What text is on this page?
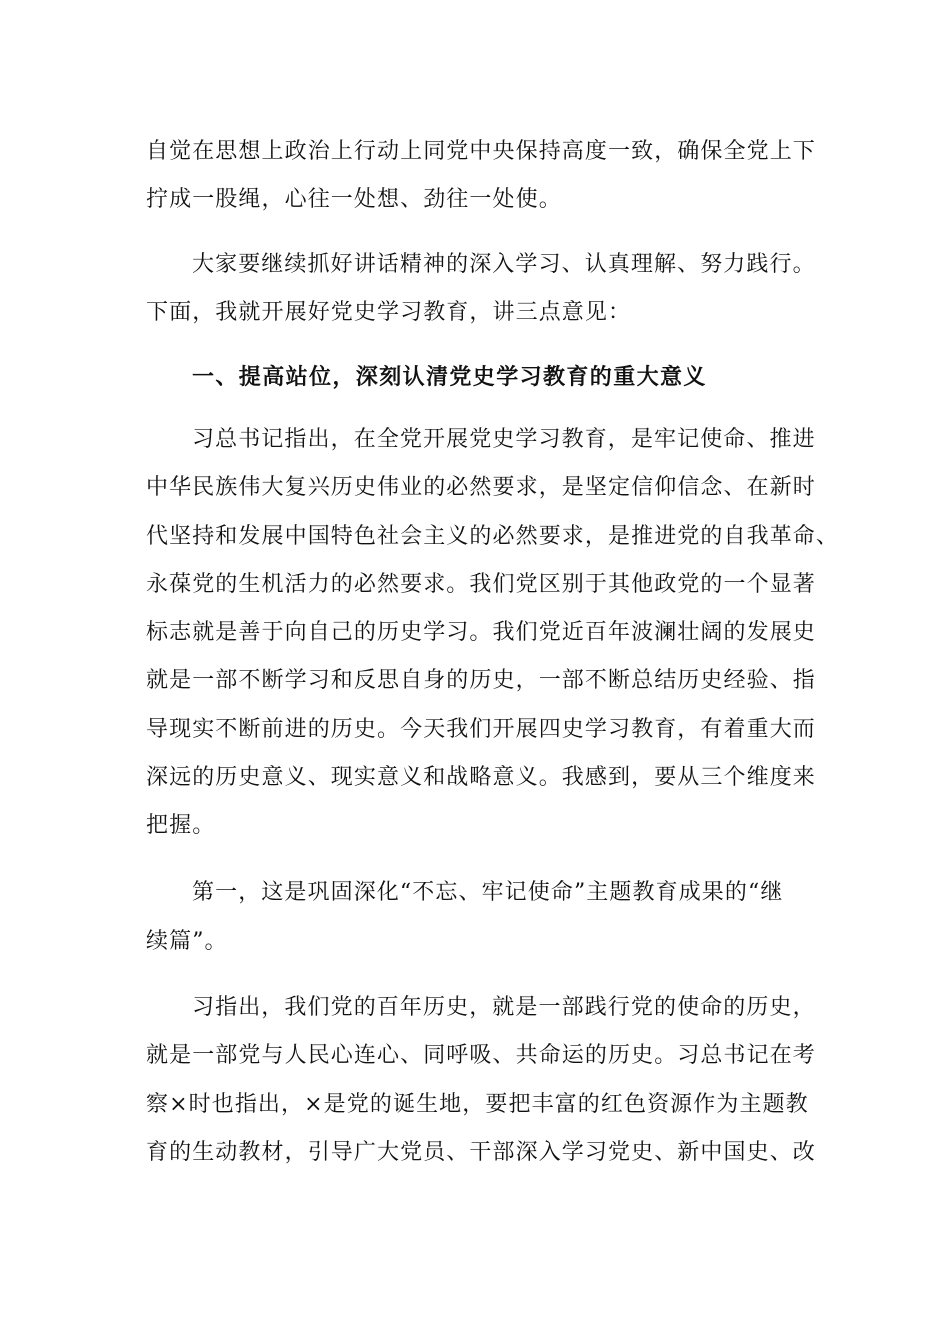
自觉在思想上政治上行动上同党中央保持高度一致，确保全党上下
拧成一股绳，心往一处想、劲往一处使。
大家要继续抓好讲话精神的深入学习、认真理解、努力践行。
下面，我就开展好党史学习教育，讲三点意见：
一、提高站位，深刻认清党史学习教育的重大意义
习总书记指出，在全党开展党史学习教育，是牢记使命、推进
中华民族伟大复兴历史伟业的必然要求，是坚定信仰信念、在新时
代坚持和发展中国特色社会主义的必然要求，是推进党的自我革命、
永葆党的生机活力的必然要求。我们党区别于其他政党的一个显著
标志就是善于向自己的历史学习。我们党近百年波澜壮阔的发展史
就是一部不断学习和反思自身的历史，一部不断总结历史经验、指
导现实不断前进的历史。今天我们开展四史学习教育，有着重大而
深远的历史意义、现实意义和战略意义。我感到，要从三个维度来
把握。
第一，这是巩固深化“不忘、牢记使命”主题教育成果的“继
续篇”。
习指出，我们党的百年历史，就是一部践行党的使命的历史，
就是一部党与人民心连心、同呼吸、共命运的历史。习总书记在考
察×时也指出，×是党的诞生地，要把丰富的红色资源作为主题教
育的生动教材，引导广大党员、干部深入学习党史、新中国史、改
